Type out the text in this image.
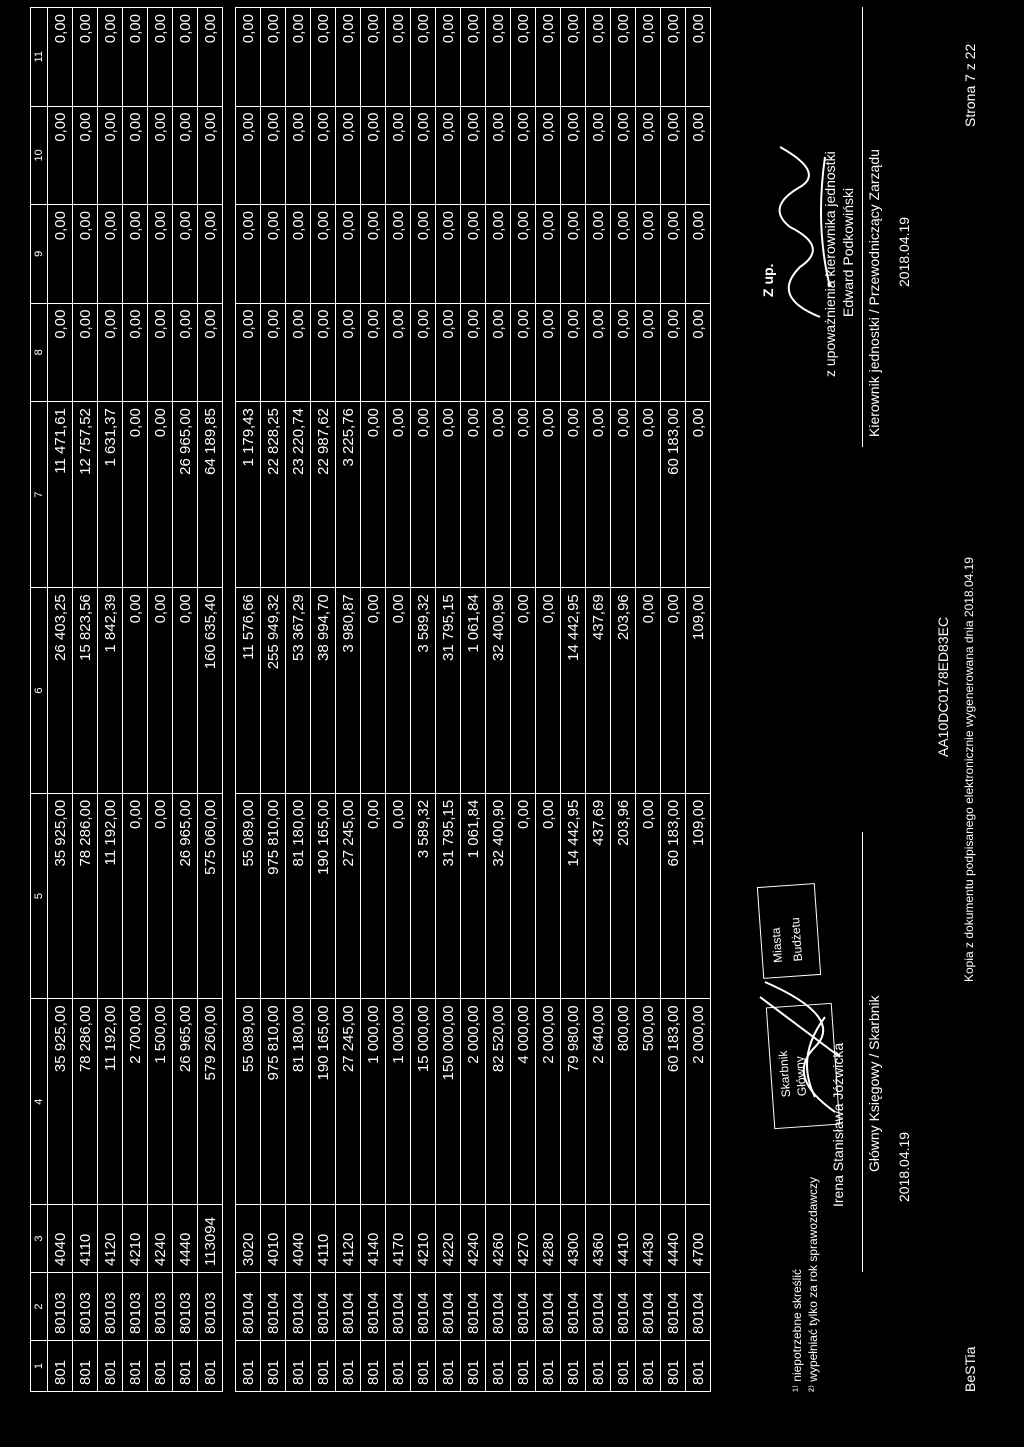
1	2	3	4	5	6	7	8	9	10	11
801	80103	4040	35 925,00	35 925,00	26 403,25	11 471,61	0,00	0,00	0,00	0,00
801	80103	4110	78 286,00	78 286,00	15 823,56	12 757,52	0,00	0,00	0,00	0,00
801	80103	4120	11 192,00	11 192,00	1 842,39	1 631,37	0,00	0,00	0,00	0,00
801	80103	4210	2 700,00	0,00	0,00	0,00	0,00	0,00	0,00	0,00
801	80103	4240	1 500,00	0,00	0,00	0,00	0,00	0,00	0,00	0,00
801	80103	4440	26 965,00	26 965,00	0,00	26 965,00	0,00	0,00	0,00	0,00
801	80103	113094	579 260,00	575 060,00	160 635,40	64 189,85	0,00	0,00	0,00	0,00

801	80104	3020	55 089,00	55 089,00	11 576,66	1 179,43	0,00	0,00	0,00	0,00
801	80104	4010	975 810,00	975 810,00	255 949,32	22 828,25	0,00	0,00	0,00	0,00
801	80104	4040	81 180,00	81 180,00	53 367,29	23 220,74	0,00	0,00	0,00	0,00
801	80104	4110	190 165,00	190 165,00	38 994,70	22 987,62	0,00	0,00	0,00	0,00
801	80104	4120	27 245,00	27 245,00	3 980,87	3 225,76	0,00	0,00	0,00	0,00
801	80104	4140	1 000,00	0,00	0,00	0,00	0,00	0,00	0,00	0,00
801	80104	4170	1 000,00	0,00	0,00	0,00	0,00	0,00	0,00	0,00
801	80104	4210	15 000,00	3 589,32	3 589,32	0,00	0,00	0,00	0,00	0,00
801	80104	4220	150 000,00	31 795,15	31 795,15	0,00	0,00	0,00	0,00	0,00
801	80104	4240	2 000,00	1 061,84	1 061,84	0,00	0,00	0,00	0,00	0,00
801	80104	4260	82 520,00	32 400,90	32 400,90	0,00	0,00	0,00	0,00	0,00
801	80104	4270	4 000,00	0,00	0,00	0,00	0,00	0,00	0,00	0,00
801	80104	4280	2 000,00	0,00	0,00	0,00	0,00	0,00	0,00	0,00
801	80104	4300	79 980,00	14 442,95	14 442,95	0,00	0,00	0,00	0,00	0,00
801	80104	4360	2 640,00	437,69	437,69	0,00	0,00	0,00	0,00	0,00
801	80104	4410	800,00	203,96	203,96	0,00	0,00	0,00	0,00	0,00
801	80104	4430	500,00	0,00	0,00	0,00	0,00	0,00	0,00	0,00
801	80104	4440	60 183,00	60 183,00	0,00	60 183,00	0,00	0,00	0,00	0,00
801	80104	4700	2 000,00	109,00	109,00	0,00	0,00	0,00	0,00	0,00
¹⁾ niepotrzebne skreślić ²⁾ wypełniać tylko za rok sprawozdawczy
Skarbnik Główny
Miasta Budżetu
Irena Stanisława Jóźwicka Główny Księgowy / Skarbnik 2018.04.19
AA10DC0178ED83EC Kopia z dokumentu podpisanego elektronicznie wygenerowana dnia 2018.04.19
Z up.	z upoważnienia kierownika jednostki Edward Podkowiński Kierownik jednostki / Przewodniczący Zarządu 2018.04.19
BeSTia
Strona 7 z 22
